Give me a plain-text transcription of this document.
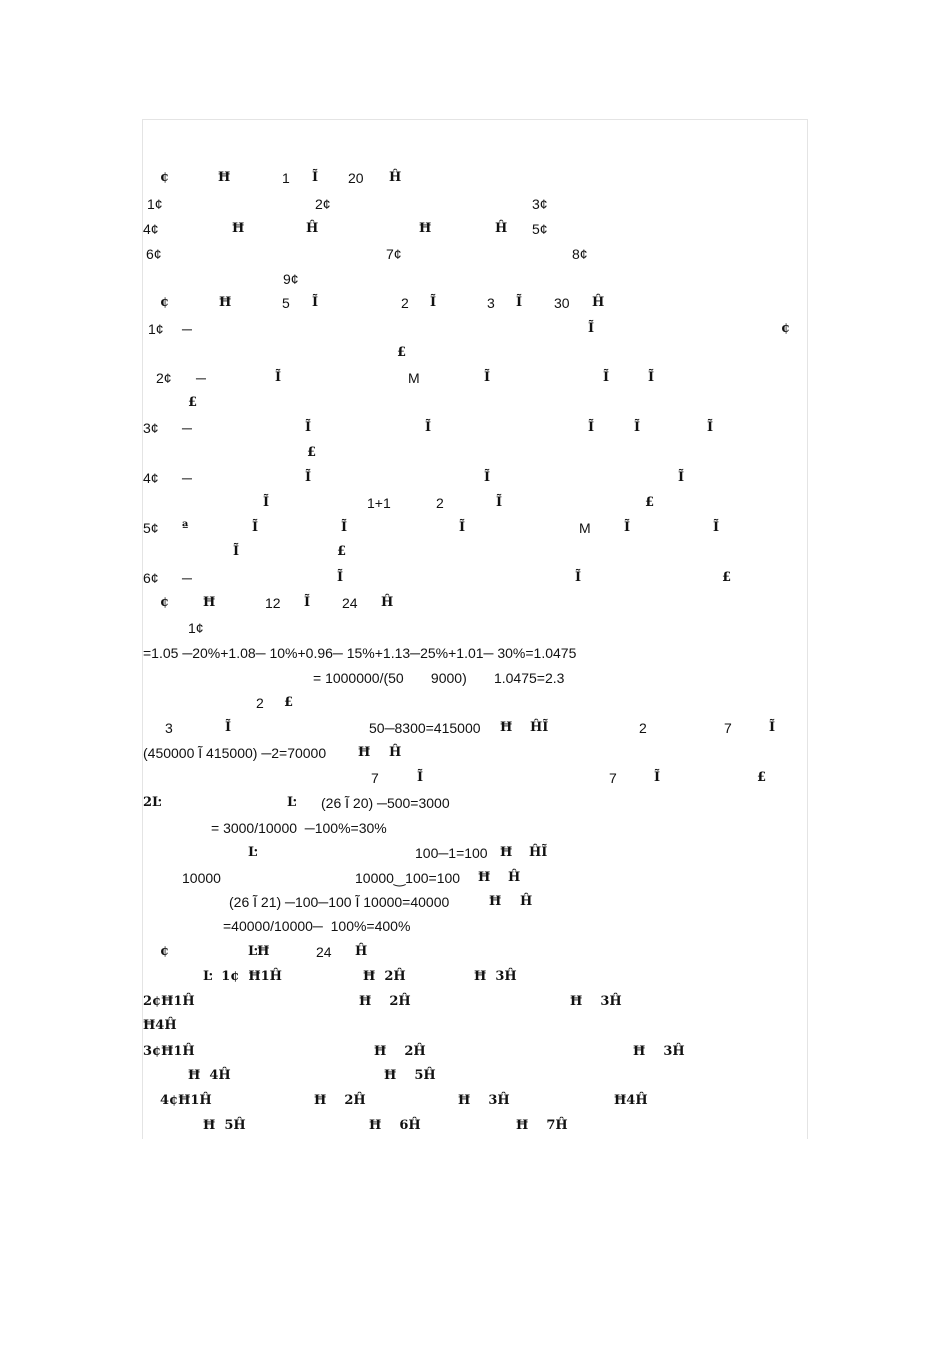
¢	Ħ	1 Ĩ 20 Ĥ
1¢	2¢	3¢
4¢	Ħ	Ĥ	Ħ	Ĥ 5¢
6¢	7¢	8¢
9¢
¢	Ħ	5 Ĩ	2 Ĩ	3 Ĩ 30 Ĥ
1¢ ─	Ĩ	¢
£
2¢ ─	Ĩ	M	Ĩ	Ĩ	Ĩ
£
3¢ ─	Ĩ	Ĩ	Ĩ	Ĩ	Ĩ
£
4¢ ─	Ĩ	Ĩ	Ĩ
Ĩ	1+1	2	Ĩ	£
5¢ ª	Ĩ	Ĩ	Ĩ	M	Ĩ	Ĩ
Ĩ	£
6¢ ─	Ĩ	Ĩ	£
¢	Ħ	12 Ĩ 24 Ĥ
1¢
=1.05 ─20%+1.08─ 10%+0.96─ 15%+1.13─25%+1.01─ 30%=1.0475
= 1000000/(50       9000)       1.0475=2.3
2 £
3	Ĩ	50─8300=415000 Ħ ĤĨ	2	7	Ĩ
(450000 Ĩ 415000) ─2=70000 Ħ Ĥ
7	Ĩ	7	Ĩ	£
2Ŀ	Ŀ (26 Ĩ 20) ─500=3000
= 3000/10000  ─100%=30%
Ŀ	100─1=100 Ħ ĤĨ
10000	10000‿100=100 Ħ Ĥ
(26 Ĩ 21) ─100─100 Ĩ 10000=40000	Ħ Ĥ
=40000/10000─  100%=400%
¢	ĿĦ	24 Ĥ
Ŀ  1¢  Ħ1Ĥ	Ħ  2Ĥ	Ħ  3Ĥ
2¢Ħ1Ĥ	Ħ    2Ĥ	Ħ    3Ĥ
Ħ4Ĥ
3¢Ħ1Ĥ	Ħ    2Ĥ	Ħ    3Ĥ
Ħ  4Ĥ	Ħ    5Ĥ
4¢Ħ1Ĥ	Ħ    2Ĥ	Ħ    3Ĥ	Ħ4Ĥ
Ħ  5Ĥ	Ħ    6Ĥ	Ħ    7Ĥ
